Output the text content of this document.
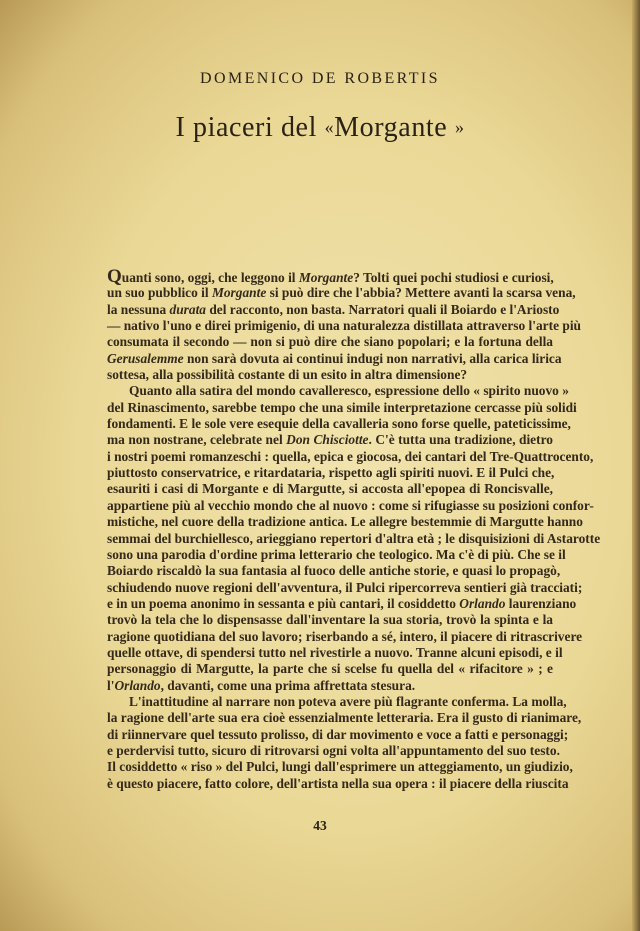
DOMENICO DE ROBERTIS
I piaceri del «Morgante »
Quanti sono, oggi, che leggono il Morgante? Tolti quei pochi studiosi e curiosi,
un suo pubblico il Morgante si può dire che l'abbia? Mettere avanti la scarsa vena,
la nessuna durata del racconto, non basta. Narratori quali il Boiardo e l'Ariosto
— nativo l'uno e direi primigenio, di una naturalezza distillata attraverso l'arte più
consumata il secondo — non si può dire che siano popolari; e la fortuna della
Gerusalemme non sarà dovuta ai continui indugi non narrativi, alla carica lirica
sottesa, alla possibilità costante di un esito in altra dimensione?
Quanto alla satira del mondo cavalleresco, espressione dello « spirito nuovo »
del Rinascimento, sarebbe tempo che una simile interpretazione cercasse più solidi
fondamenti. E le sole vere esequie della cavalleria sono forse quelle, pateticissime,
ma non nostrane, celebrate nel Don Chisciotte. C'è tutta una tradizione, dietro
i nostri poemi romanzeschi : quella, epica e giocosa, dei cantari del Tre-Quattrocento,
piuttosto conservatrice, e ritardataria, rispetto agli spiriti nuovi. E il Pulci che,
esauriti i casi di Morgante e di Margutte, si accosta all'epopea di Roncisvalle,
appartiene più al vecchio mondo che al nuovo : come si rifugiasse su posizioni confor-
mistiche, nel cuore della tradizione antica. Le allegre bestemmie di Margutte hanno
semmai del burchiellesco, arieggiano repertori d'altra età ; le disquisizioni di Astarotte
sono una parodia d'ordine prima letterario che teologico. Ma c'è di più. Che se il
Boiardo riscaldò la sua fantasia al fuoco delle antiche storie, e quasi lo propagò,
schiudendo nuove regioni dell'avventura, il Pulci ripercorreva sentieri già tracciati;
e in un poema anonimo in sessanta e più cantari, il cosiddetto Orlando laurenziano
trovò la tela che lo dispensasse dall'inventare la sua storia, trovò la spinta e la
ragione quotidiana del suo lavoro; riserbando a sé, intero, il piacere di ritrascrivere
quelle ottave, di spendersi tutto nel rivestirle a nuovo. Tranne alcuni episodi, e il
personaggio di Margutte, la parte che si scelse fu quella del « rifacitore » ; e
l'Orlando, davanti, come una prima affrettata stesura.
L'inattitudine al narrare non poteva avere più flagrante conferma. La molla,
la ragione dell'arte sua era cioè essenzialmente letteraria. Era il gusto di rianimare,
di riinnervare quel tessuto prolisso, di dar movimento e voce a fatti e personaggi;
e perdervisi tutto, sicuro di ritrovarsi ogni volta all'appuntamento del suo testo.
Il cosiddetto « riso » del Pulci, lungi dall'esprimere un atteggiamento, un giudizio,
è questo piacere, fatto colore, dell'artista nella sua opera : il piacere della riuscita
43
